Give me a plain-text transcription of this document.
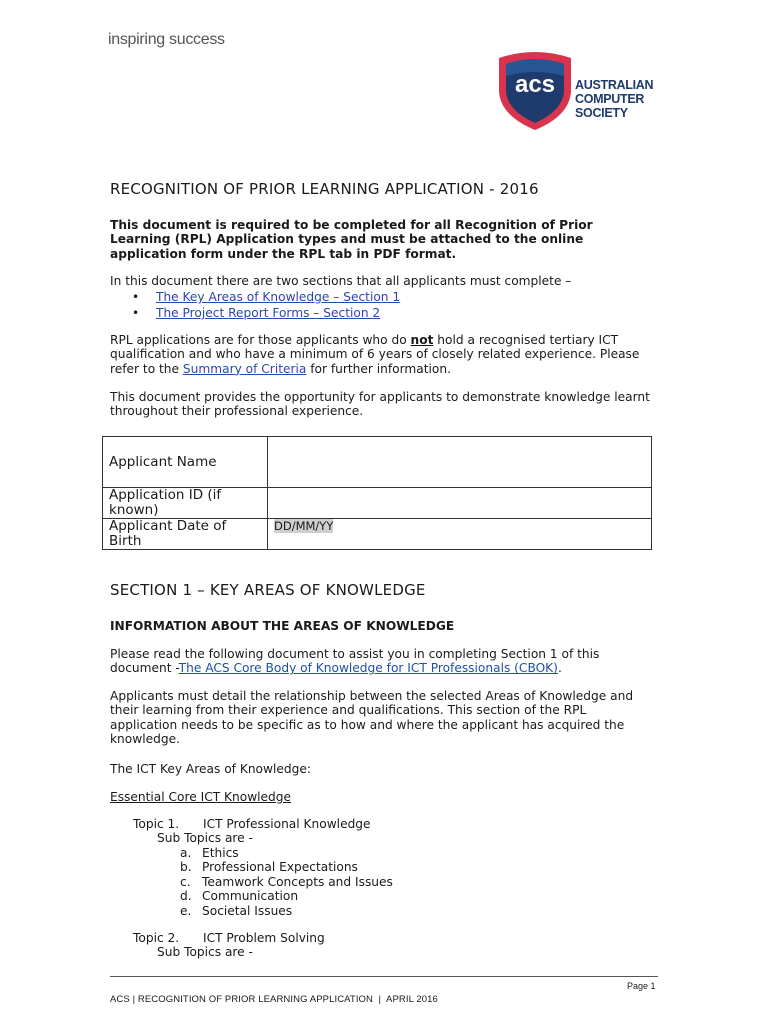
inspiring success
acs AUSTRALIAN
COMPUTER
SOCIETY
RECOGNITION OF PRIOR LEARNING APPLICATION - 2016
This document is required to be completed for all Recognition of Prior Learning (RPL) Application types and must be attached to the online application form under the RPL tab in PDF format.
In this document there are two sections that all applicants must complete –
• The Key Areas of Knowledge – Section 1
• The Project Report Forms – Section 2
RPL applications are for those applicants who do not hold a recognised tertiary ICT qualification and who have a minimum of 6 years of closely related experience. Please refer to the Summary of Criteria for further information.
This document provides the opportunity for applicants to demonstrate knowledge learnt throughout their professional experience.
Applicant Name	
Application ID (if known)	
Applicant Date of Birth	DD/MM/YY
SECTION 1 – KEY AREAS OF KNOWLEDGE
INFORMATION ABOUT THE AREAS OF KNOWLEDGE
Please read the following document to assist you in completing Section 1 of this document -The ACS Core Body of Knowledge for ICT Professionals (CBOK).
Applicants must detail the relationship between the selected Areas of Knowledge and their learning from their experience and qualifications. This section of the RPL application needs to be specific as to how and where the applicant has acquired the knowledge.
The ICT Key Areas of Knowledge:
Essential Core ICT Knowledge
Topic 1. ICT Professional Knowledge
Sub Topics are -
a. Ethics
b. Professional Expectations
c. Teamwork Concepts and Issues
d. Communication
e. Societal Issues
Topic 2. ICT Problem Solving
Sub Topics are -
Page 1
ACS | RECOGNITION OF PRIOR LEARNING APPLICATION  |  APRIL 2016
